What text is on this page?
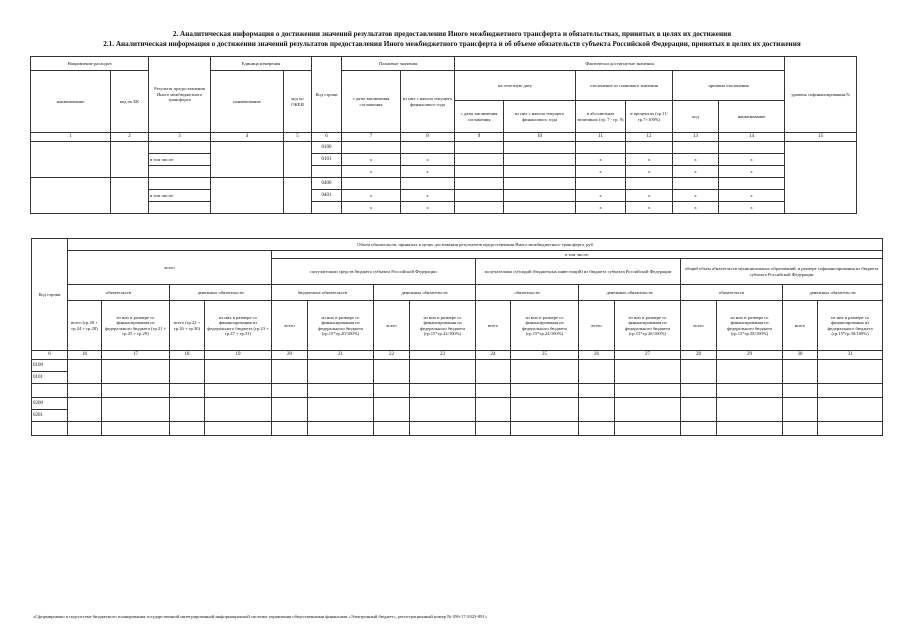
2. Аналитическая информация о достижении значений результатов предоставления Иного межбюджетного трансферта и обязательствах, принятых в целях их достижения
2.1. Аналитическая информация о достижении значений результатов предоставления Иного межбюджетного трансферта и об объеме обязательств субъекта Российской Федерации, принятых в целях их достижения
Направление расходов		Результат предоставления Иного межбюджетного трансферта	Единица измерения		Код строки	Плановые значения		Фактически достигнутые значения						уровень софинансирования,%
наименование	код по БК		наименование	код по ОКЕИ		с даты заключения соглашения	из них с начала текущего финансового года	на отчетную дату		отклонение от планового значения		причина отклонения		
								с даты заключения соглашения	из них с начала текущего финансового года	в абсолютных величинах (гр. 7 - гр. 9)	в процентах (гр.11/гр.7×100%)	код	наименование	
1	2	3	4	5	6	7	8	9	10	11	12	13	14	15
					0100									
		в том числе:			0101	x	x			x	x	x	x	
						x	x			x	x	x	x	
					0400									
		в том числе:			0401	x	x			x	x	x	x	
						x	x			x	x	x	x	
Код строки	Объем обязательств, принятых в целях достижения результатов предоставления Иного межбюджетного трансферта, руб															
	всего				в том числе:											
					получателями средств бюджета субъекта Российской Федерации				получателями субсидий (бюджетных инвестиций) из бюджета субъекта Российской Федерации				общий объем обязательств муниципальных образований, в размере софинансирования из бюджета субъекта Российской Федерации			
	обязательств		денежных обязательств		бюджетных обязательств		денежных обязательств		обязательств		денежных обязательств		обязательств		денежных обязательств	
	всего (гр.20 + гр.24 + гр.28)	из них в размере со финансирования из федерального бюджета (гр.21 + гр.25 + гр.29)	всего (гр.22 + гр.26 + гр.30)	из них в размере со финансирования из федерального бюджета (гр.23 + гр.27 + гр.31)	всего	из них в размере со финансирования из федерального бюджета (гр.15*гр.20/100%)	всего	из них в размере со финансирования из федерального бюджета (гр.15*гр.22/100%)	всего	из них в размере со финансирования из федерального бюджета (гр.15*гр.24/100%)	всего	из них в размере со финансирования из федерального бюджета (гр.15*гр.26/100%)	всего	из них в размере со финансирования из федерального бюджета (гр.15*гр.28/100%)	всего	из них в размере со финансирования из федерального бюджета (гр.15*гр.30/100%)
6	16	17	18	19	20	21	22	23	24	25	26	27	28	29	30	31
0100																
0101																

0200																
0201																

«Сформировано в подсистеме бюджетного планирования государственной интегрированной информационной системы управления общественными финансами «Электронный бюджет», регистрационный номер № 056-17-2023-091»
